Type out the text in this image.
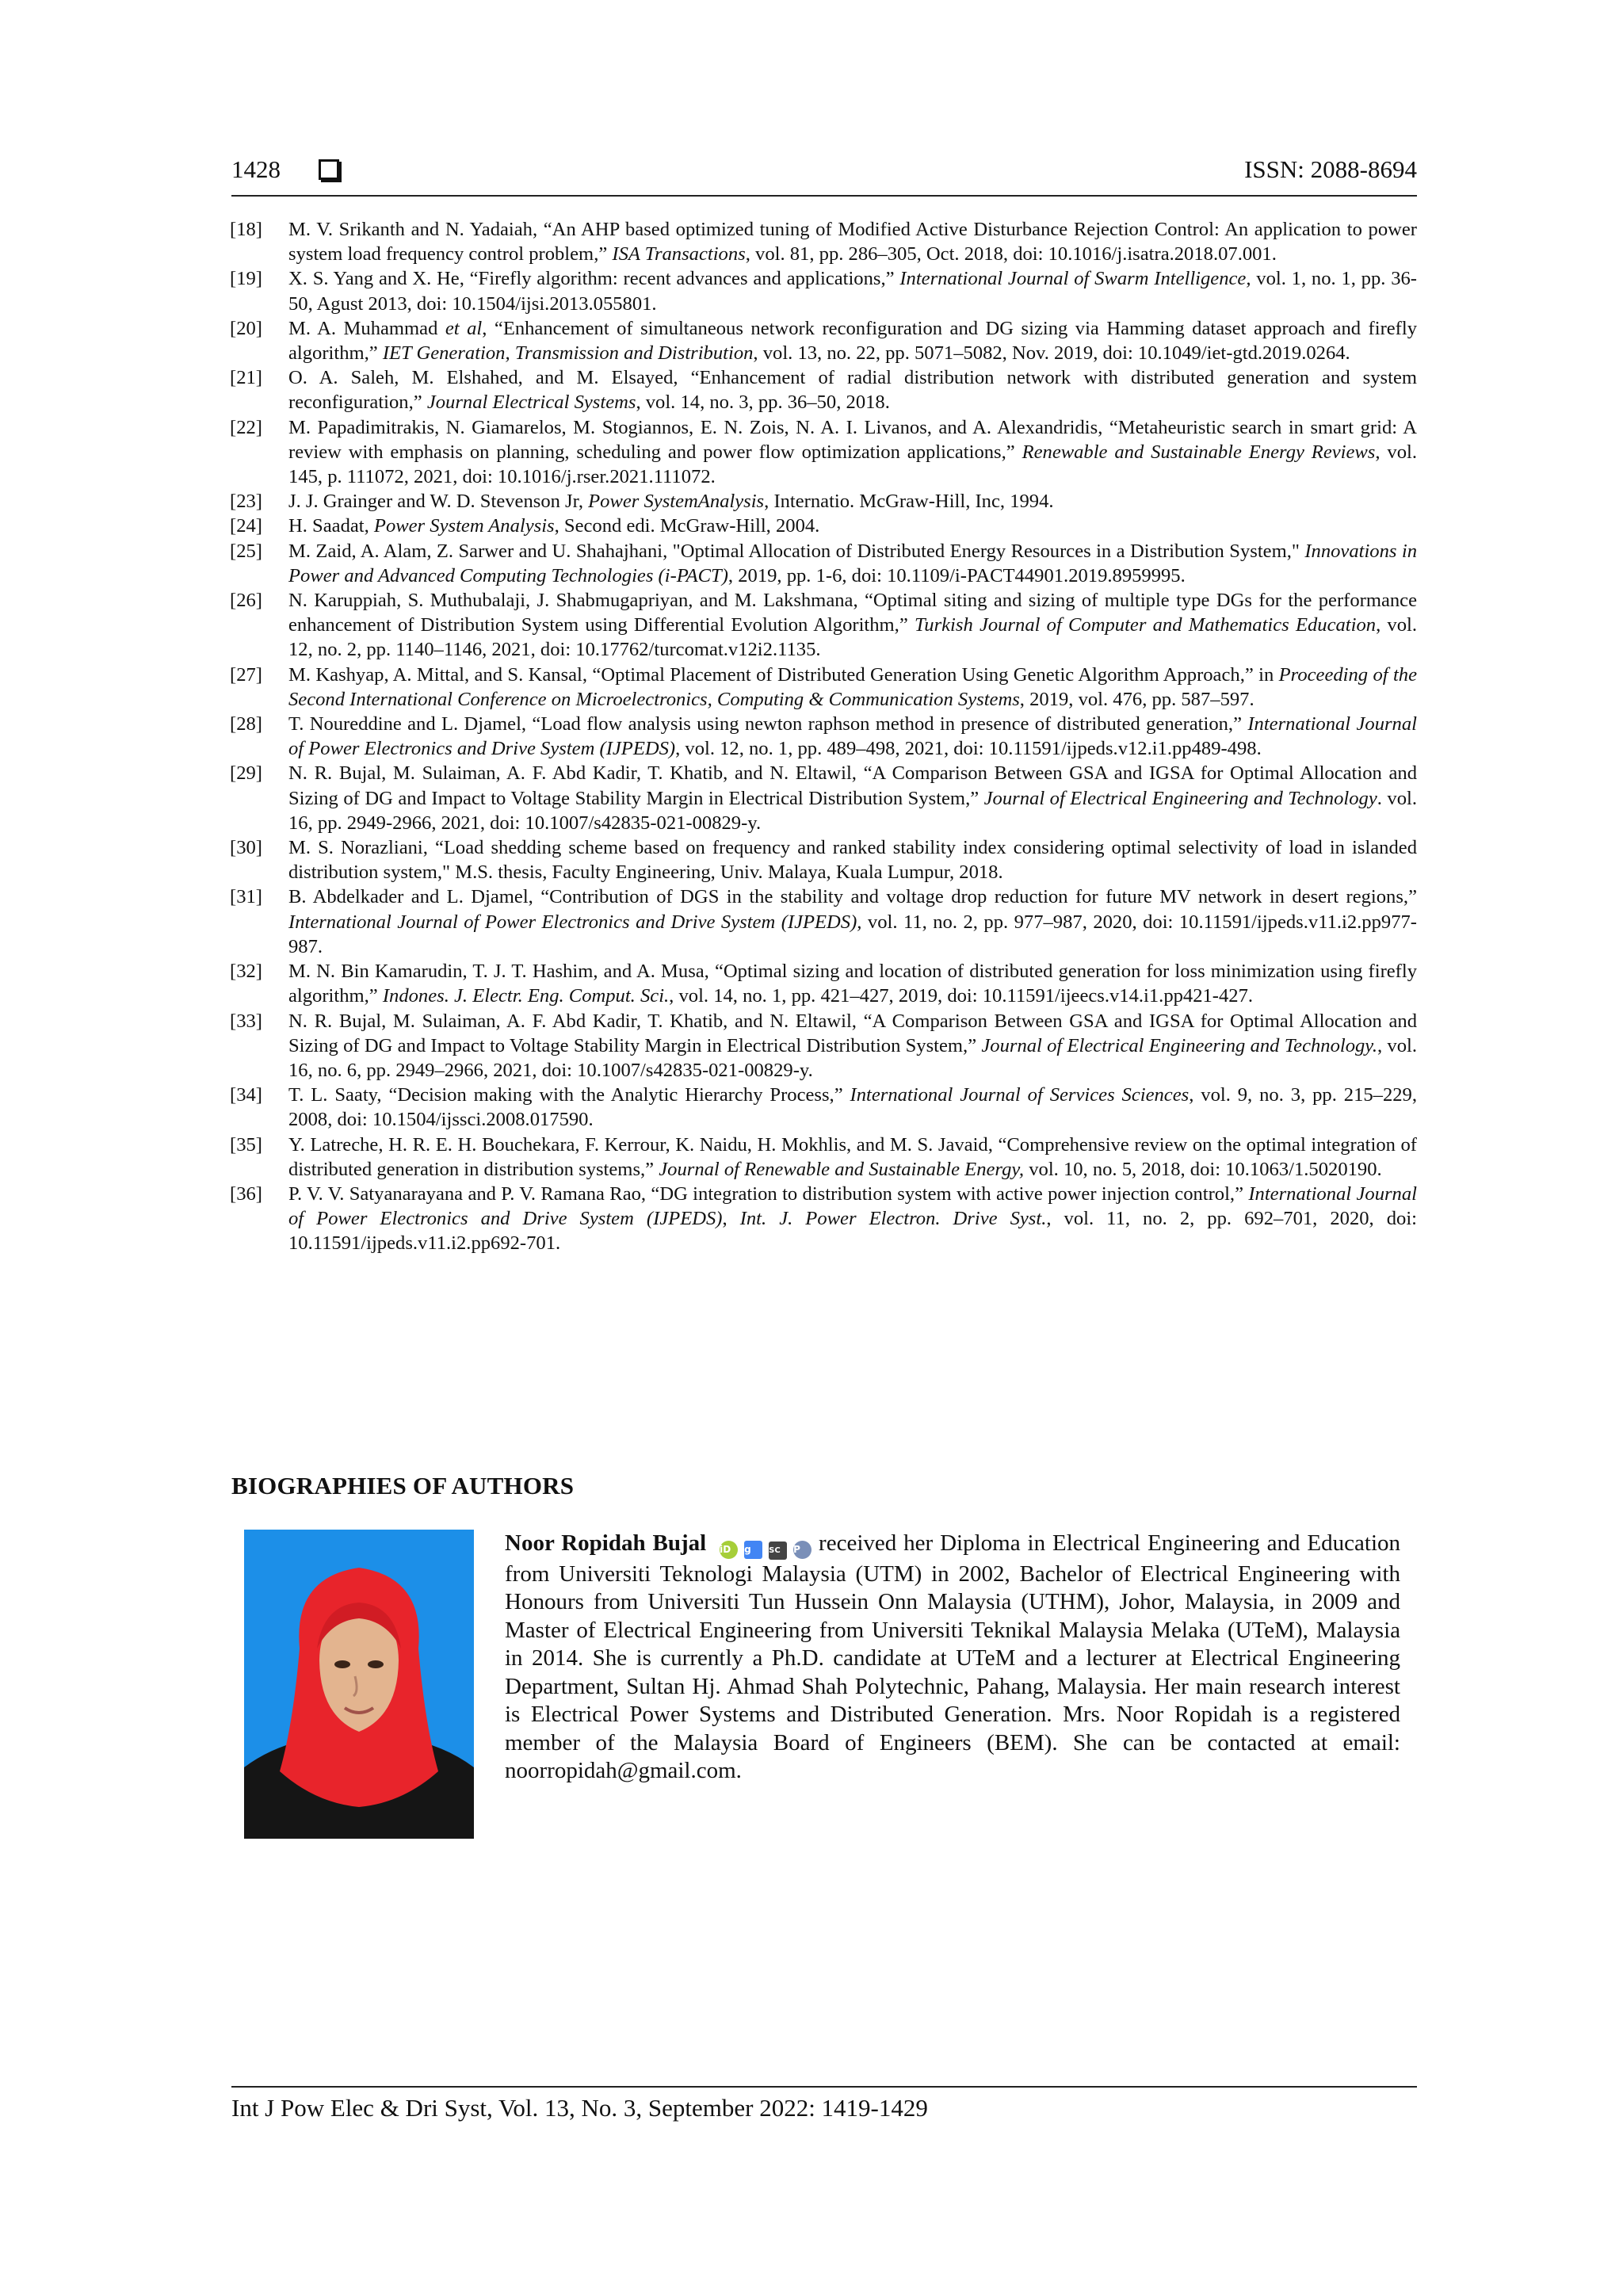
1428	ISSN: 2088-8694
[18] M. V. Srikanth and N. Yadaiah, “An AHP based optimized tuning of Modified Active Disturbance Rejection Control: An application to power system load frequency control problem,” ISA Transactions, vol. 81, pp. 286–305, Oct. 2018, doi: 10.1016/j.isatra.2018.07.001.
[19] X. S. Yang and X. He, “Firefly algorithm: recent advances and applications,” International Journal of Swarm Intelligence, vol. 1, no. 1, pp. 36-50, Agust 2013, doi: 10.1504/ijsi.2013.055801.
[20] M. A. Muhammad et al, “Enhancement of simultaneous network reconfiguration and DG sizing via Hamming dataset approach and firefly algorithm,” IET Generation, Transmission and Distribution, vol. 13, no. 22, pp. 5071–5082, Nov. 2019, doi: 10.1049/iet-gtd.2019.0264.
[21] O. A. Saleh, M. Elshahed, and M. Elsayed, “Enhancement of radial distribution network with distributed generation and system reconfiguration,” Journal Electrical Systems, vol. 14, no. 3, pp. 36–50, 2018.
[22] M. Papadimitrakis, N. Giamarelos, M. Stogiannos, E. N. Zois, N. A. I. Livanos, and A. Alexandridis, “Metaheuristic search in smart grid: A review with emphasis on planning, scheduling and power flow optimization applications,” Renewable and Sustainable Energy Reviews, vol. 145, p. 111072, 2021, doi: 10.1016/j.rser.2021.111072.
[23] J. J. Grainger and W. D. Stevenson Jr, Power SystemAnalysis, Internatio. McGraw-Hill, Inc, 1994.
[24] H. Saadat, Power System Analysis, Second edi. McGraw-Hill, 2004.
[25] M. Zaid, A. Alam, Z. Sarwer and U. Shahajhani, "Optimal Allocation of Distributed Energy Resources in a Distribution System," Innovations in Power and Advanced Computing Technologies (i-PACT), 2019, pp. 1-6, doi: 10.1109/i-PACT44901.2019.8959995.
[26] N. Karuppiah, S. Muthubalaji, J. Shabmugapriyan, and M. Lakshmana, “Optimal siting and sizing of multiple type DGs for the performance enhancement of Distribution System using Differential Evolution Algorithm,” Turkish Journal of Computer and Mathematics Education, vol. 12, no. 2, pp. 1140–1146, 2021, doi: 10.17762/turcomat.v12i2.1135.
[27] M. Kashyap, A. Mittal, and S. Kansal, “Optimal Placement of Distributed Generation Using Genetic Algorithm Approach,” in Proceeding of the Second International Conference on Microelectronics, Computing & Communication Systems, 2019, vol. 476, pp. 587–597.
[28] T. Noureddine and L. Djamel, “Load flow analysis using newton raphson method in presence of distributed generation,” International Journal of Power Electronics and Drive System (IJPEDS), vol. 12, no. 1, pp. 489–498, 2021, doi: 10.11591/ijpeds.v12.i1.pp489-498.
[29] N. R. Bujal, M. Sulaiman, A. F. Abd Kadir, T. Khatib, and N. Eltawil, “A Comparison Between GSA and IGSA for Optimal Allocation and Sizing of DG and Impact to Voltage Stability Margin in Electrical Distribution System,” Journal of Electrical Engineering and Technology. vol. 16, pp. 2949-2966, 2021, doi: 10.1007/s42835-021-00829-y.
[30] M. S. Norazliani, “Load shedding scheme based on frequency and ranked stability index considering optimal selectivity of load in islanded distribution system," M.S. thesis, Faculty Engineering, Univ. Malaya, Kuala Lumpur, 2018.
[31] B. Abdelkader and L. Djamel, “Contribution of DGS in the stability and voltage drop reduction for future MV network in desert regions,” International Journal of Power Electronics and Drive System (IJPEDS), vol. 11, no. 2, pp. 977–987, 2020, doi: 10.11591/ijpeds.v11.i2.pp977-987.
[32] M. N. Bin Kamarudin, T. J. T. Hashim, and A. Musa, “Optimal sizing and location of distributed generation for loss minimization using firefly algorithm,” Indones. J. Electr. Eng. Comput. Sci., vol. 14, no. 1, pp. 421–427, 2019, doi: 10.11591/ijeecs.v14.i1.pp421-427.
[33] N. R. Bujal, M. Sulaiman, A. F. Abd Kadir, T. Khatib, and N. Eltawil, “A Comparison Between GSA and IGSA for Optimal Allocation and Sizing of DG and Impact to Voltage Stability Margin in Electrical Distribution System,” Journal of Electrical Engineering and Technology., vol. 16, no. 6, pp. 2949–2966, 2021, doi: 10.1007/s42835-021-00829-y.
[34] T. L. Saaty, “Decision making with the Analytic Hierarchy Process,” International Journal of Services Sciences, vol. 9, no. 3, pp. 215–229, 2008, doi: 10.1504/ijssci.2008.017590.
[35] Y. Latreche, H. R. E. H. Bouchekara, F. Kerrour, K. Naidu, H. Mokhlis, and M. S. Javaid, “Comprehensive review on the optimal integration of distributed generation in distribution systems,” Journal of Renewable and Sustainable Energy, vol. 10, no. 5, 2018, doi: 10.1063/1.5020190.
[36] P. V. V. Satyanarayana and P. V. Ramana Rao, “DG integration to distribution system with active power injection control,” International Journal of Power Electronics and Drive System (IJPEDS), Int. J. Power Electron. Drive Syst., vol. 11, no. 2, pp. 692–701, 2020, doi: 10.11591/ijpeds.v11.i2.pp692-701.
BIOGRAPHIES OF AUTHORS
Noor Ropidah Bujal iD g SC P received her Diploma in Electrical Engineering and Education from Universiti Teknologi Malaysia (UTM) in 2002, Bachelor of Electrical Engineering with Honours from Universiti Tun Hussein Onn Malaysia (UTHM), Johor, Malaysia, in 2009 and Master of Electrical Engineering from Universiti Teknikal Malaysia Melaka (UTeM), Malaysia in 2014. She is currently a Ph.D. candidate at UTeM and a lecturer at Electrical Engineering Department, Sultan Hj. Ahmad Shah Polytechnic, Pahang, Malaysia. Her main research interest is Electrical Power Systems and Distributed Generation. Mrs. Noor Ropidah is a registered member of the Malaysia Board of Engineers (BEM). She can be contacted at email: noorropidah@gmail.com.
Int J Pow Elec & Dri Syst, Vol. 13, No. 3, September 2022: 1419-1429
